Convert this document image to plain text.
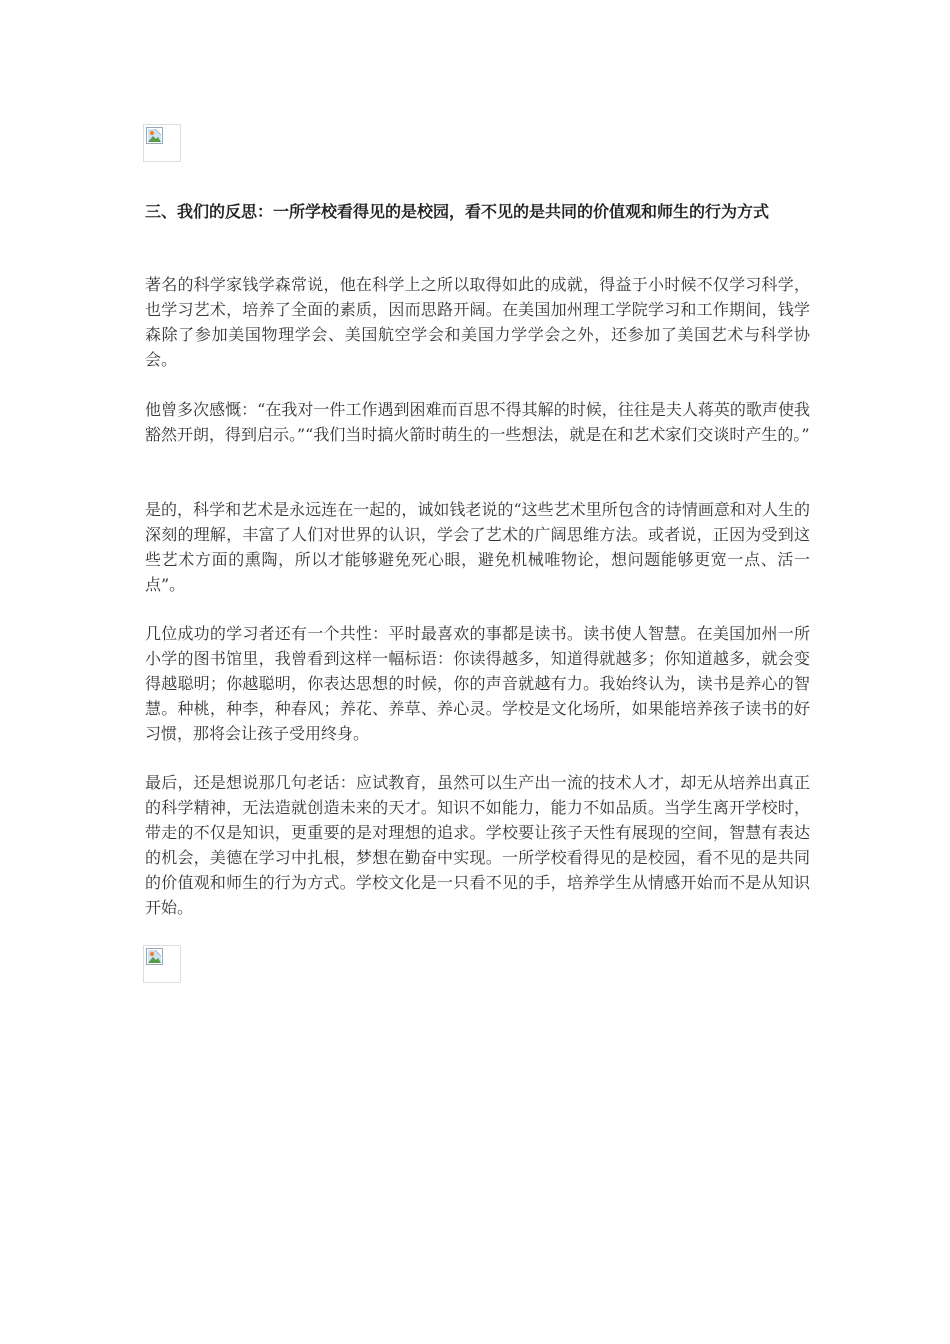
三、我们的反思：一所学校看得见的是校园，看不见的是共同的价值观和师生的行为方式

著名的科学家钱学森常说，他在科学上之所以取得如此的成就，得益于小时候不仅学习科学，也学习艺术，培养了全面的素质，因而思路开阔。在美国加州理工学院学习和工作期间，钱学森除了参加美国物理学会、美国航空学会和美国力学学会之外，还参加了美国艺术与科学协会。

他曾多次感慨：“在我对一件工作遇到困难而百思不得其解的时候，往往是夫人蒋英的歌声使我豁然开朗，得到启示。”“我们当时搞火箭时萌生的一些想法，就是在和艺术家们交谈时产生的。”

是的，科学和艺术是永远连在一起的，诚如钱老说的“这些艺术里所包含的诗情画意和对人生的深刻的理解，丰富了人们对世界的认识，学会了艺术的广阔思维方法。或者说，正因为受到这些艺术方面的熏陶，所以才能够避免死心眼，避免机械唯物论，想问题能够更宽一点、活一点”。

几位成功的学习者还有一个共性：平时最喜欢的事都是读书。读书使人智慧。在美国加州一所小学的图书馆里，我曾看到这样一幅标语：你读得越多，知道得就越多；你知道越多，就会变得越聪明；你越聪明，你表达思想的时候，你的声音就越有力。我始终认为，读书是养心的智慧。种桃，种李，种春风；养花、养草、养心灵。学校是文化场所，如果能培养孩子读书的好习惯，那将会让孩子受用终身。

最后，还是想说那几句老话：应试教育，虽然可以生产出一流的技术人才，却无从培养出真正的科学精神，无法造就创造未来的天才。知识不如能力，能力不如品质。当学生离开学校时，带走的不仅是知识，更重要的是对理想的追求。学校要让孩子天性有展现的空间，智慧有表达的机会，美德在学习中扎根，梦想在勤奋中实现。一所学校看得见的是校园，看不见的是共同的价值观和师生的行为方式。学校文化是一只看不见的手，培养学生从情感开始而不是从知识开始。
